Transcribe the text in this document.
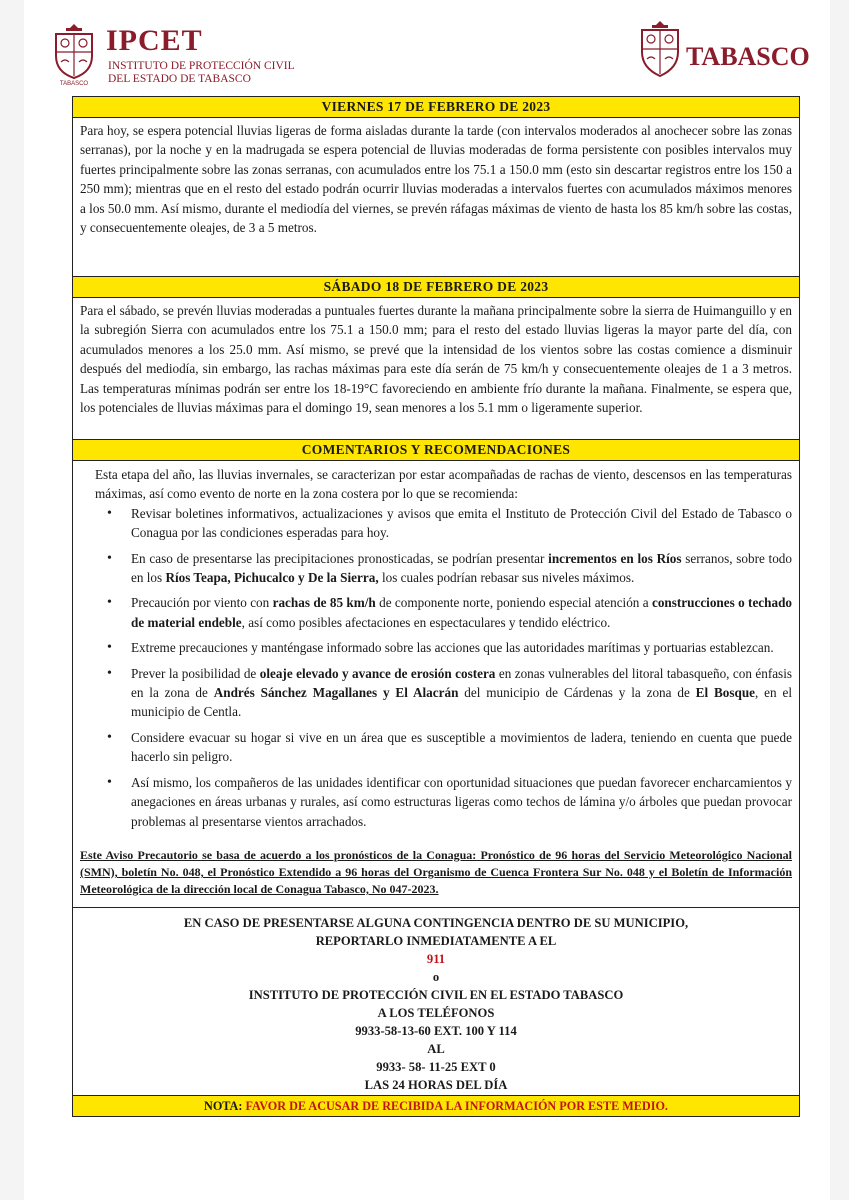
TABASCO
IPCET
INSTITUTO DE PROTECCIÓN CIVIL
DEL ESTADO DE TABASCO
TABASCO
VIERNES 17 DE FEBRERO DE 2023
Para hoy, se espera potencial lluvias ligeras de forma aisladas durante la tarde (con intervalos moderados al anochecer sobre las zonas serranas), por la noche y en la madrugada se espera potencial de lluvias moderadas de forma persistente con posibles intervalos muy fuertes principalmente sobre las zonas serranas, con acumulados entre los 75.1 a 150.0 mm (esto sin descartar registros entre los 150 a 250 mm); mientras que en el resto del estado podrán ocurrir lluvias moderadas a intervalos fuertes con acumulados máximos menores a los 50.0 mm. Así mismo, durante el mediodía del viernes, se prevén ráfagas máximas de viento de hasta los 85 km/h sobre las costas, y consecuentemente oleajes, de 3 a 5 metros.
SÁBADO 18 DE FEBRERO DE 2023
Para el sábado, se prevén lluvias moderadas a puntuales fuertes durante la mañana principalmente sobre la sierra de Huimanguillo y en la subregión Sierra con acumulados entre los 75.1 a 150.0 mm; para el resto del estado lluvias ligeras la mayor parte del día, con acumulados menores a los 25.0 mm. Así mismo, se prevé que la intensidad de los vientos sobre las costas comience a disminuir después del mediodía, sin embargo, las rachas máximas para este día serán de 75 km/h y consecuentemente oleajes de 1 a 3 metros. Las temperaturas mínimas podrán ser entre los 18-19°C favoreciendo en ambiente frío durante la mañana. Finalmente, se espera que, los potenciales de lluvias máximas para el domingo 19, sean menores a los 5.1 mm o ligeramente superior.
COMENTARIOS Y RECOMENDACIONES
Esta etapa del año, las lluvias invernales, se caracterizan por estar acompañadas de rachas de viento, descensos en las temperaturas máximas, así como evento de norte en la zona costera por lo que se recomienda:
• Revisar boletines informativos, actualizaciones y avisos que emita el Instituto de Protección Civil del Estado de Tabasco o Conagua por las condiciones esperadas para hoy.
• En caso de presentarse las precipitaciones pronosticadas, se podrían presentar incrementos en los Ríos serranos, sobre todo en los Ríos Teapa, Pichucalco y De la Sierra, los cuales podrían rebasar sus niveles máximos.
• Precaución por viento con rachas de 85 km/h de componente norte, poniendo especial atención a construcciones o techado de material endeble, así como posibles afectaciones en espectaculares y tendido eléctrico.
• Extreme precauciones y manténgase informado sobre las acciones que las autoridades marítimas y portuarias establezcan.
• Prever la posibilidad de oleaje elevado y avance de erosión costera en zonas vulnerables del litoral tabasqueño, con énfasis en la zona de Andrés Sánchez Magallanes y El Alacrán del municipio de Cárdenas y la zona de El Bosque, en el municipio de Centla.
• Considere evacuar su hogar si vive en un área que es susceptible a movimientos de ladera, teniendo en cuenta que puede hacerlo sin peligro.
• Así mismo, los compañeros de las unidades identificar con oportunidad situaciones que puedan favorecer encharcamientos y anegaciones en áreas urbanas y rurales, así como estructuras ligeras como techos de lámina y/o árboles que puedan provocar problemas al presentarse vientos arrachados.
Este Aviso Precautorio se basa de acuerdo a los pronósticos de la Conagua: Pronóstico de 96 horas del Servicio Meteorológico Nacional (SMN), boletín No. 048, el Pronóstico Extendido a 96 horas del Organismo de Cuenca Frontera Sur No. 048 y el Boletín de Información Meteorológica de la dirección local de Conagua Tabasco, No 047-2023.
EN CASO DE PRESENTARSE ALGUNA CONTINGENCIA DENTRO DE SU MUNICIPIO,
REPORTARLO INMEDIATAMENTE A EL
911
o
INSTITUTO DE PROTECCIÓN CIVIL EN EL ESTADO TABASCO
A LOS TELÉFONOS
9933-58-13-60 EXT. 100 Y 114
AL
9933- 58- 11-25 EXT 0
LAS 24 HORAS DEL DÍA
NOTA: FAVOR DE ACUSAR DE RECIBIDA LA INFORMACIÓN POR ESTE MEDIO.
